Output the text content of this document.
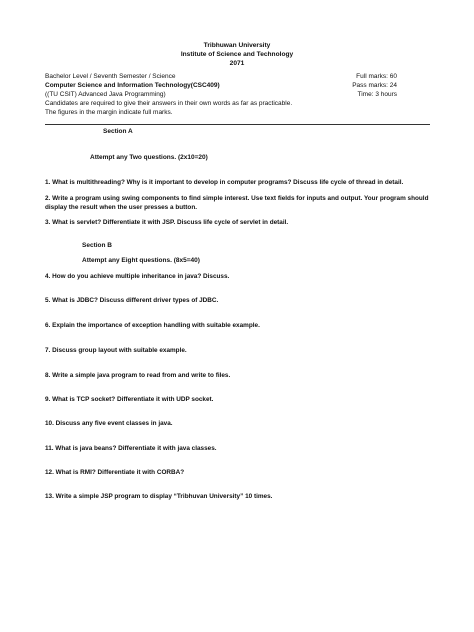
Tribhuwan University
Institute of Science and Technology
2071
Bachelor Level / Seventh Semester / Science
Computer Science and Information Technology(CSC409)
((TU CSIT) Advanced Java Programming)
Candidates are required to give their answers in their own words as far as practicable.
The figures in the margin indicate full marks.
Full marks: 60
Pass marks: 24
Time: 3 hours
Section A
Attempt any Two questions. (2x10=20)
1. What is multithreading? Why is it important to develop in computer programs? Discuss life cycle of thread in detail.
2. Write a program using swing components to find simple interest. Use text fields for inputs and output. Your program should display the result when the user presses a button.
3. What is servlet? Differentiate it with JSP. Discuss life cycle of servlet in detail.
Section B
Attempt any Eight questions. (8x5=40)
4. How do you achieve multiple inheritance in java? Discuss.
5. What is JDBC? Discuss different driver types of JDBC.
6. Explain the importance of exception handling with suitable example.
7. Discuss group layout with suitable example.
8. Write a simple java program to read from and write to files.
9. What is TCP socket? Differentiate it with UDP socket.
10. Discuss any five event classes in java.
11. What is java beans? Differentiate it with java classes.
12. What is RMI? Differentiate it with CORBA?
13. Write a simple JSP program to display “Tribhuvan University” 10 times.
